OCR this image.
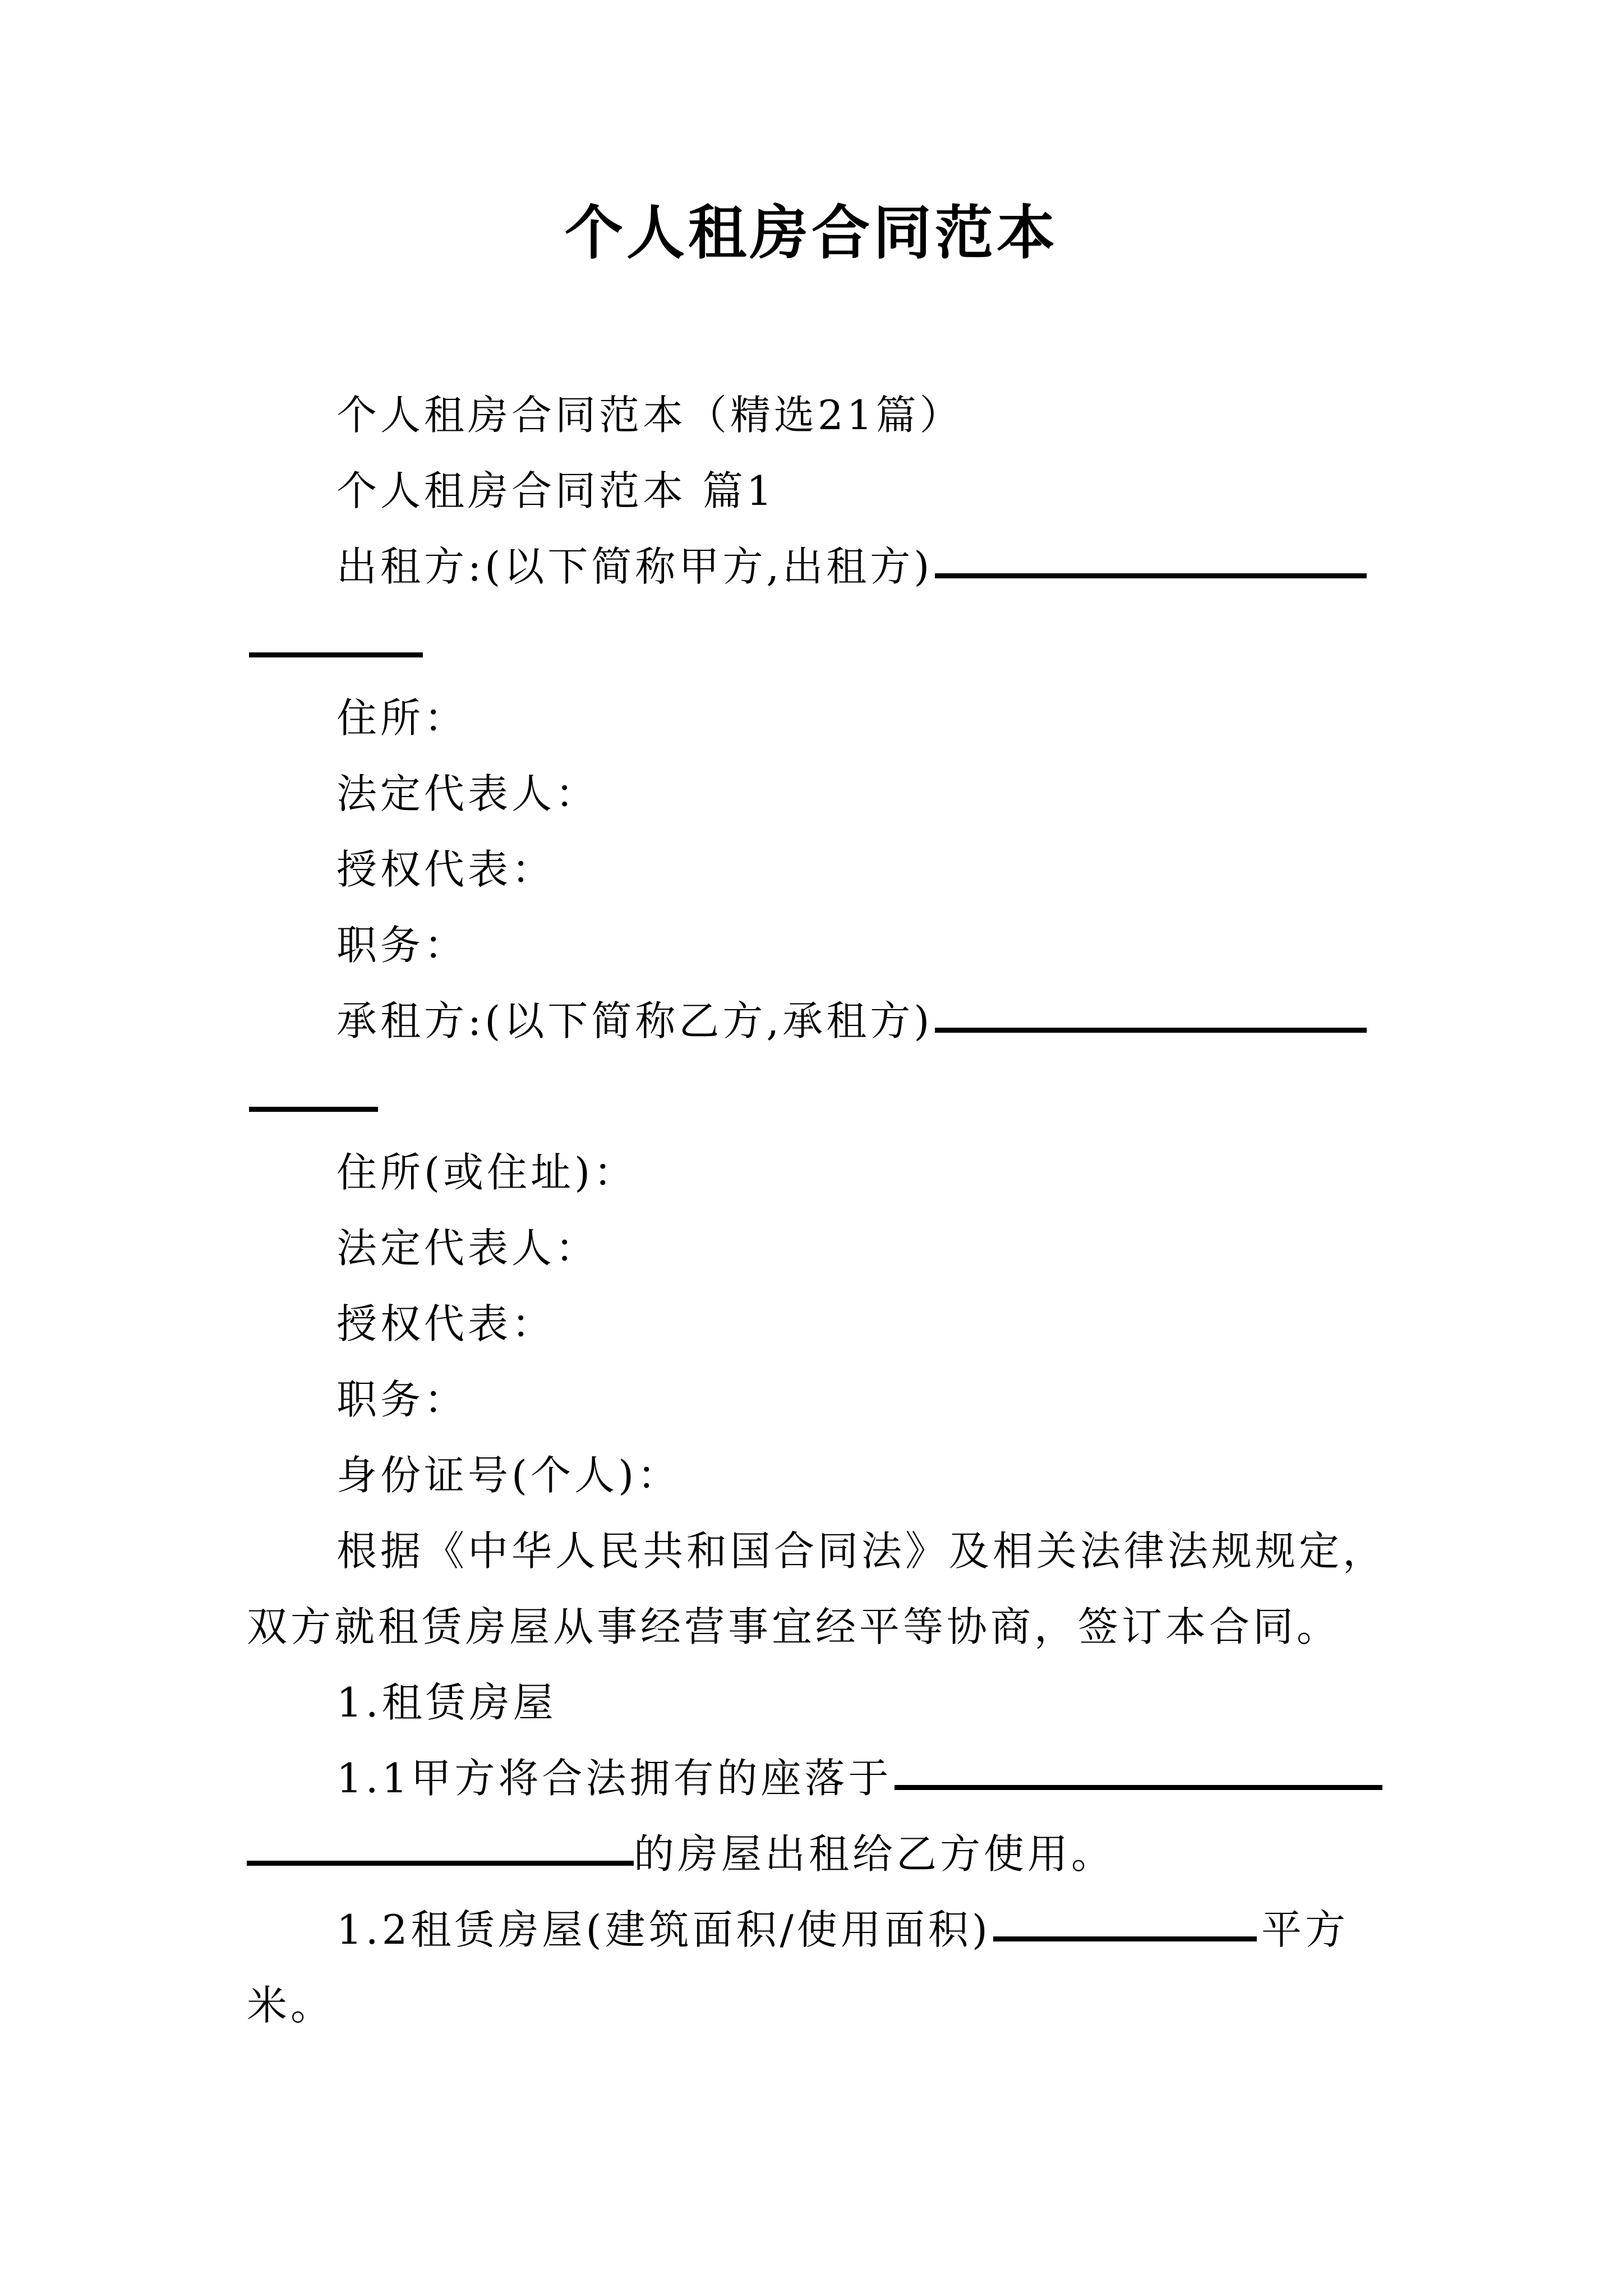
个人租房合同范本
个人租房合同范本（精选21篇）
个人租房合同范本 篇1
出租方:(以下简称甲方,出租方)
住所：
法定代表人：
授权代表：
职务：
承租方:(以下简称乙方,承租方)
住所(或住址)：
法定代表人：
授权代表：
职务：
身份证号(个人)：
根据《中华人民共和国合同法》及相关法律法规规定，
双方就租赁房屋从事经营事宜经平等协商，签订本合同。
1.租赁房屋
1.1甲方将合法拥有的座落于
的房屋出租给乙方使用。
1.2租赁房屋(建筑面积/使用面积)	平方
米。
